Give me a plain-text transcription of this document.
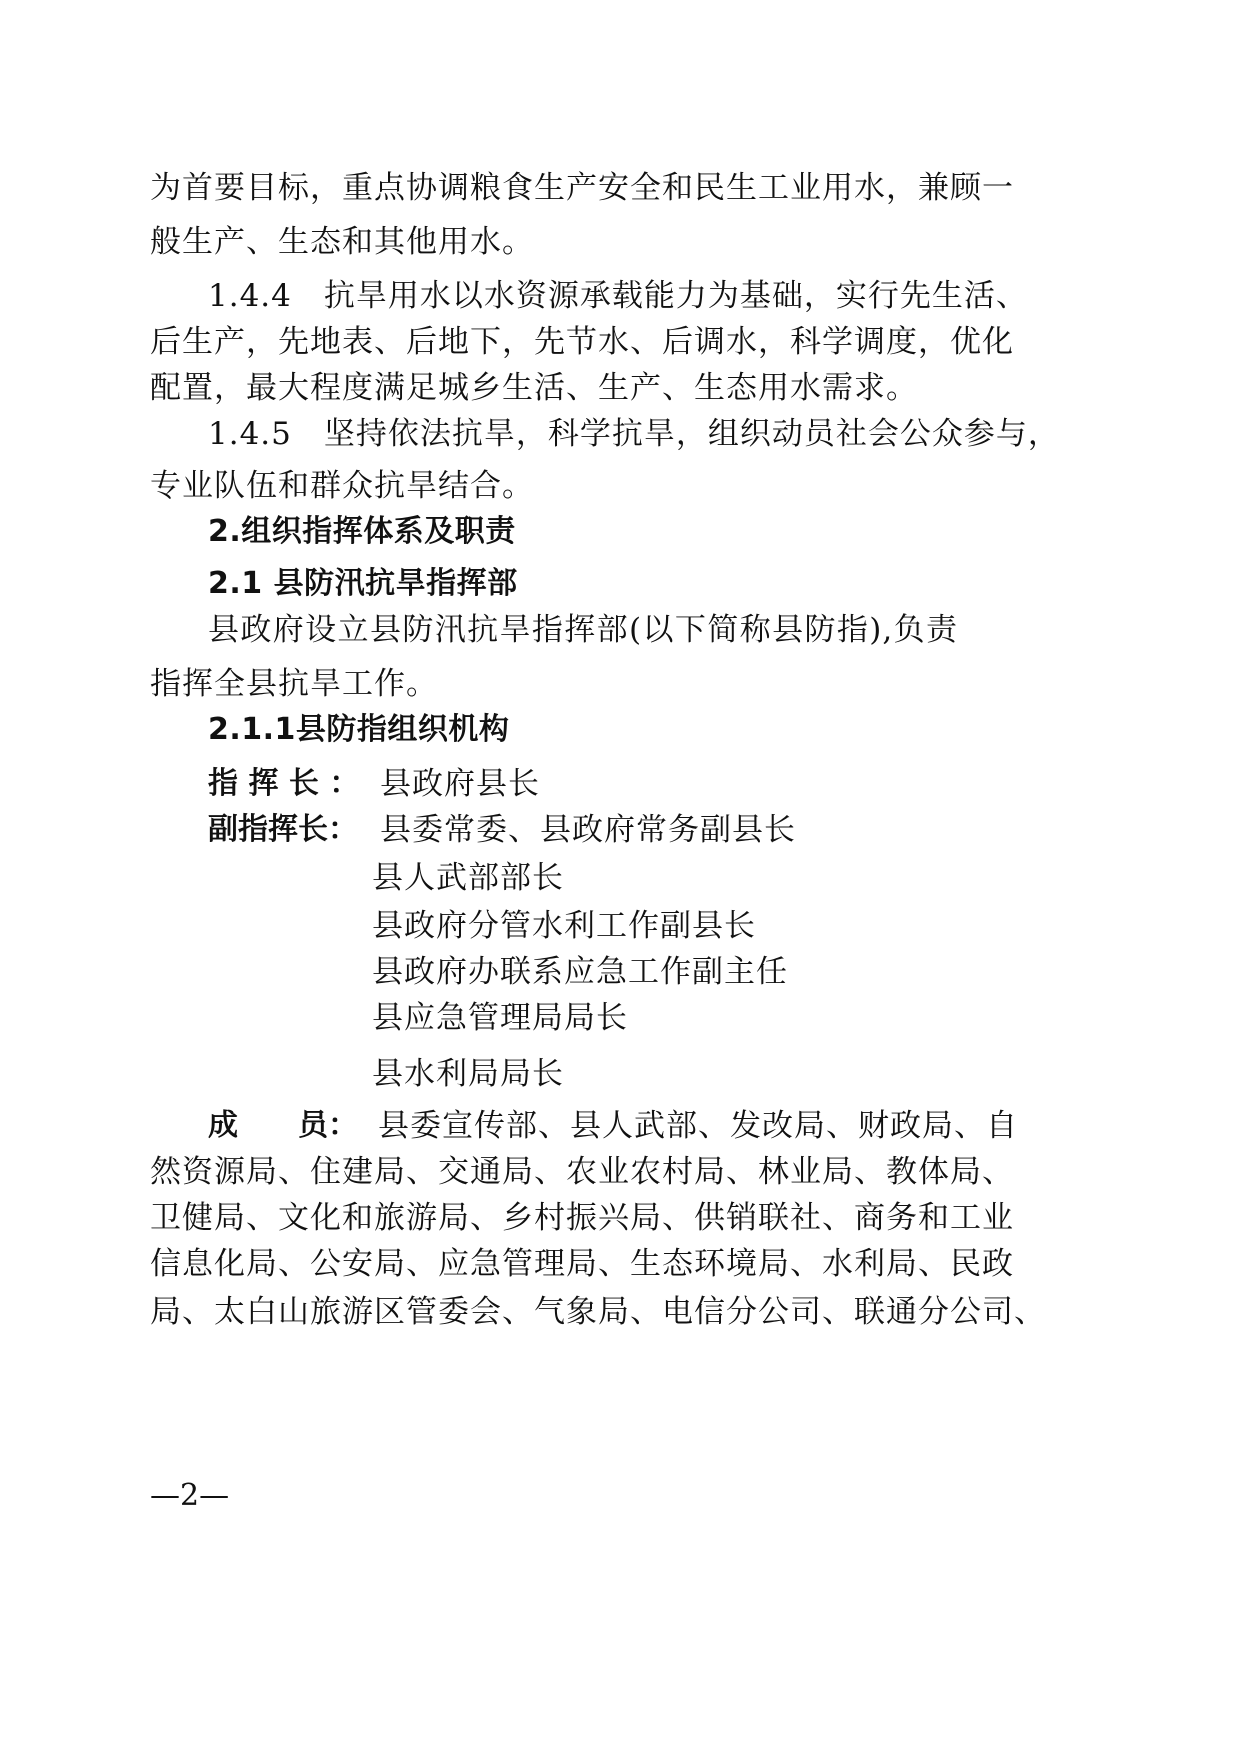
为首要目标，重点协调粮食生产安全和民生工业用水，兼顾一
般生产、生态和其他用水。
1.4.4　抗旱用水以水资源承载能力为基础，实行先生活、
后生产，先地表、后地下，先节水、后调水，科学调度，优化
配置，最大程度满足城乡生活、生产、生态用水需求。
1.4.5　坚持依法抗旱，科学抗旱，组织动员社会公众参与，
专业队伍和群众抗旱结合。
2.组织指挥体系及职责
2.1 县防汛抗旱指挥部
县政府设立县防汛抗旱指挥部(以下简称县防指),负责
指挥全县抗旱工作。
2.1.1县防指组织机构
指 挥 长 ： 县政府县长
副指挥长： 县委常委、县政府常务副县长
县人武部部长
县政府分管水利工作副县长
县政府办联系应急工作副主任
县应急管理局局长
县水利局局长
成　　员： 县委宣传部、县人武部、发改局、财政局、自
然资源局、住建局、交通局、农业农村局、林业局、教体局、
卫健局、文化和旅游局、乡村振兴局、供销联社、商务和工业
信息化局、公安局、应急管理局、生态环境局、水利局、民政
局、太白山旅游区管委会、气象局、电信分公司、联通分公司、
—2—
